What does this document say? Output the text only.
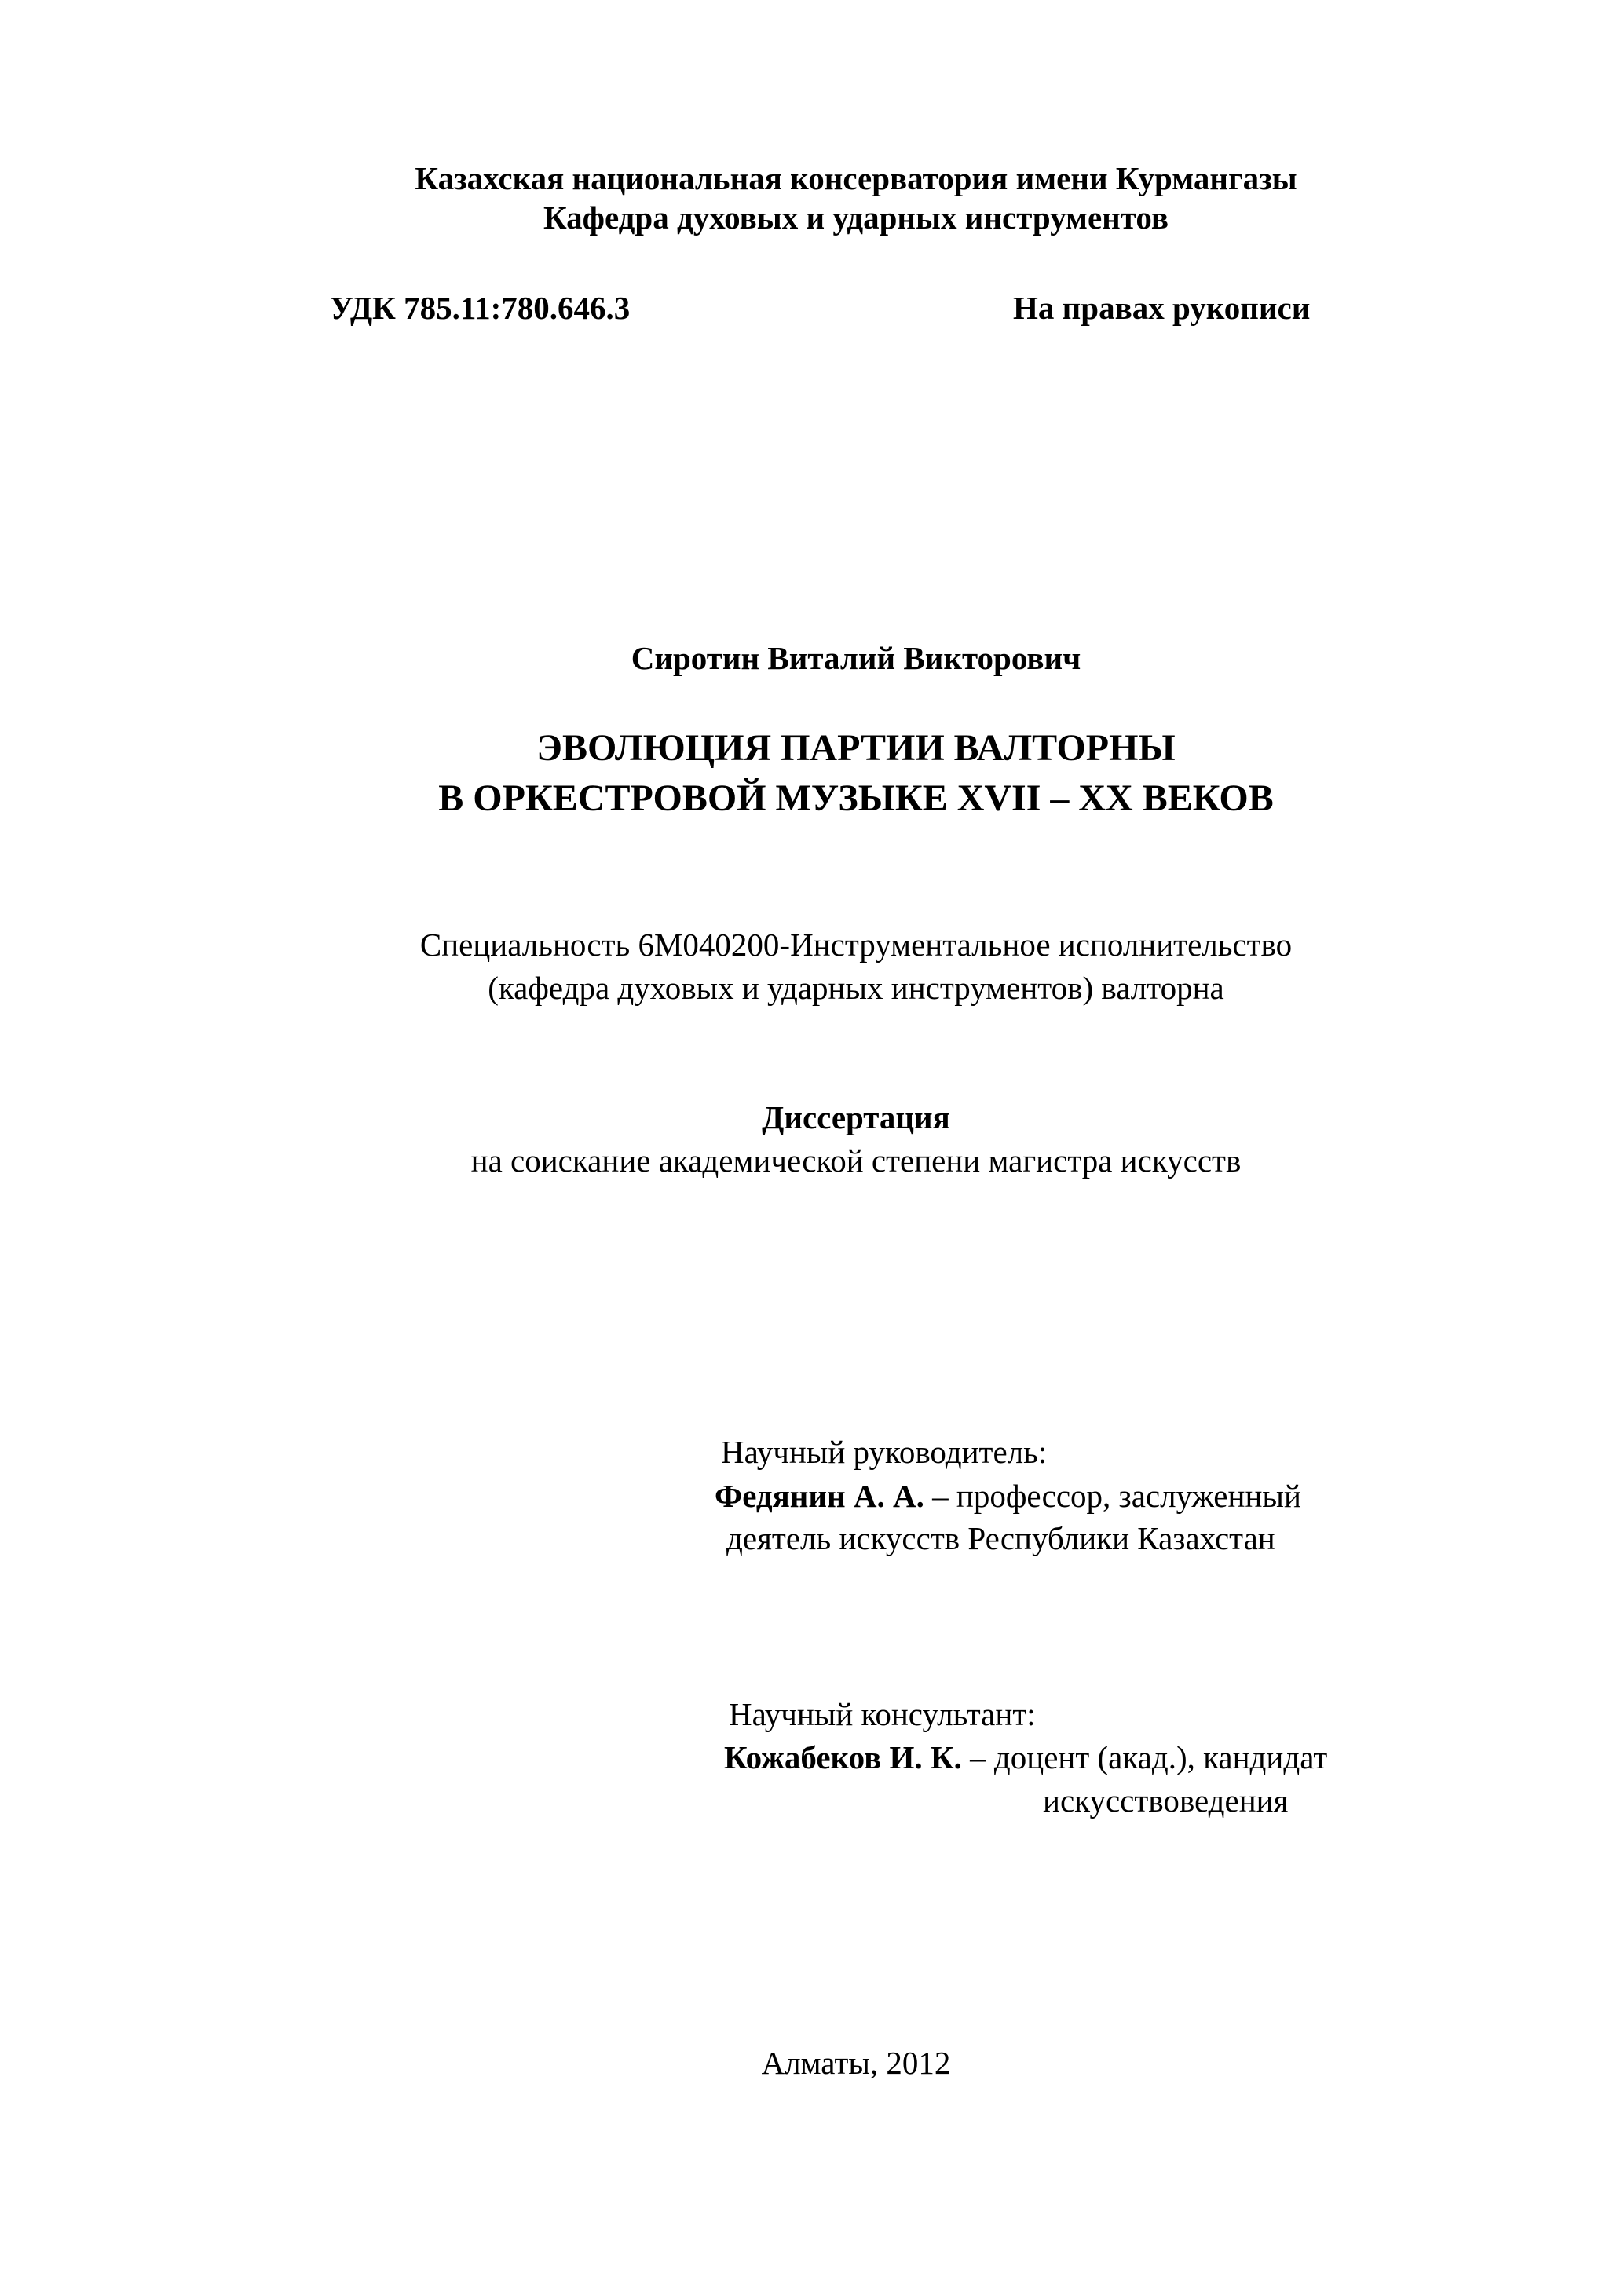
Казахская национальная консерватория имени Курмангазы
Кафедра духовых и ударных инструментов
УДК 785.11:780.646.3	На правах рукописи
Сиротин Виталий Викторович
ЭВОЛЮЦИЯ ПАРТИИ ВАЛТОРНЫ
В ОРКЕСТРОВОЙ МУЗЫКЕ XVII – XX ВЕКОВ
Специальность 6М040200-Инструментальное исполнительство
(кафедра духовых и ударных инструментов) валторна
Диссертация
на соискание академической степени магистра искусств
Научный руководитель:
Федянин А. А. – профессор, заслуженный
деятель искусств Республики Казахстан
Научный консультант:
Кожабеков И. К. – доцент (акад.), кандидат
искусствоведения
Алматы, 2012
